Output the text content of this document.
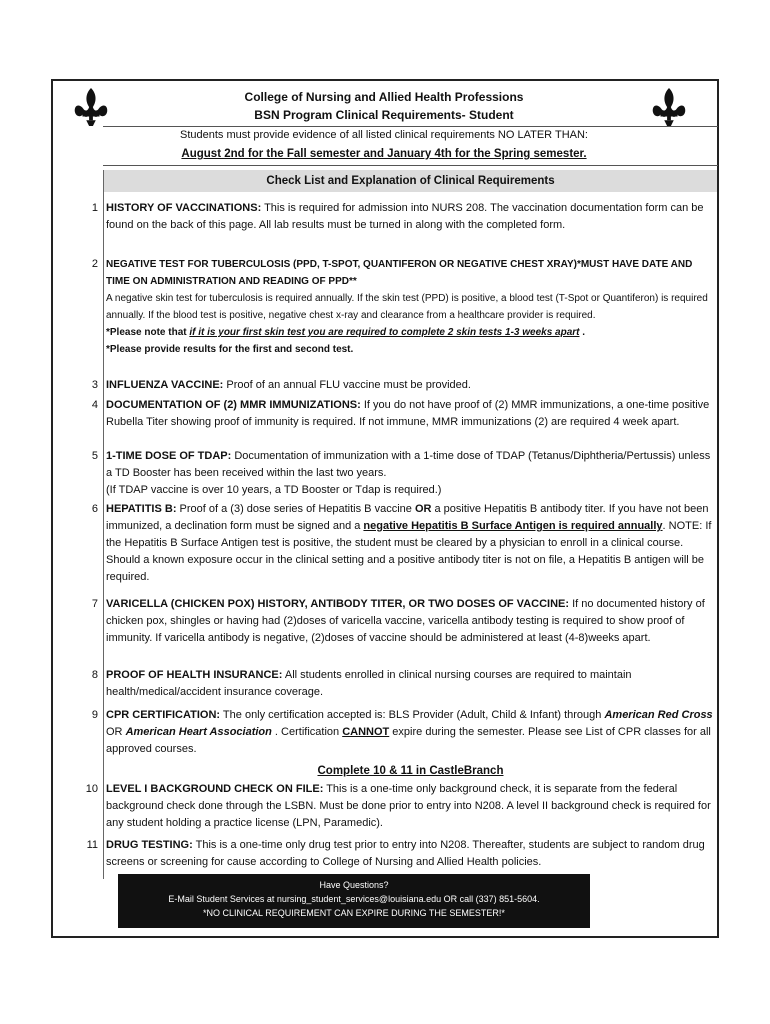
College of Nursing and Allied Health Professions
BSN Program Clinical Requirements- Student
Students must provide evidence of all listed clinical requirements NO LATER THAN:
August 2nd for the Fall semester and January 4th for the Spring semester.
Check List and Explanation of Clinical Requirements
1 HISTORY OF VACCINATIONS: This is required for admission into NURS 208. The vaccination documentation form can be found on the back of this page. All lab results must be turned in along with the completed form.
2 NEGATIVE TEST FOR TUBERCULOSIS (PPD, T-SPOT, QUANTIFERON OR NEGATIVE CHEST XRAY)*MUST HAVE DATE AND TIME ON ADMINISTRATION AND READING OF PPD**

A negative skin test for tuberculosis is required annually. If the skin test (PPD) is positive, a blood test (T-Spot or Quantiferon) is required annually. If the blood test is positive, negative chest x-ray and clearance from a healthcare provider is required.

*Please note that if it is your first skin test you are required to complete 2 skin tests 1-3 weeks apart .

*Please provide results for the first and second test.

3 INFLUENZA VACCINE: Proof of an annual FLU vaccine must be provided.
4 DOCUMENTATION OF (2) MMR IMMUNIZATIONS: If you do not have proof of (2) MMR immunizations, a one-time positive Rubella Titer showing proof of immunity is required. If not immune, MMR immunizations (2) are required 4 week apart.
5 1-TIME DOSE OF TDAP: Documentation of immunization with a 1-time dose of TDAP (Tetanus/Diphtheria/Pertussis) unless a TD Booster has been received within the last two years.

(If TDAP vaccine is over 10 years, a TD Booster or Tdap is required.)

6 HEPATITIS B: Proof of a (3) dose series of Hepatitis B vaccine OR a positive Hepatitis B antibody titer. If you have not been immunized, a declination form must be signed and a negative Hepatitis B Surface Antigen is required annually. NOTE: If the Hepatitis B Surface Antigen test is positive, the student must be cleared by a physician to enroll in a clinical course. Should a known exposure occur in the clinical setting and a positive antibody titer is not on file, a Hepatitis B antigen will be required.
7 VARICELLA (CHICKEN POX) HISTORY, ANTIBODY TITER, OR TWO DOSES OF VACCINE: If no documented history of chicken pox, shingles or having had (2)doses of varicella vaccine, varicella antibody testing is required to show proof of immunity. If varicella antibody is negative, (2)doses of vaccine should be administered at least (4-8)weeks apart.
8 PROOF OF HEALTH INSURANCE: All students enrolled in clinical nursing courses are required to maintain health/medical/accident insurance coverage.
9 CPR CERTIFICATION: The only certification accepted is: BLS Provider (Adult, Child & Infant) through American Red Cross OR American Heart Association . Certification CANNOT expire during the semester. Please see List of CPR classes for all approved courses.
Complete 10 & 11 in CastleBranch
10 LEVEL I BACKGROUND CHECK ON FILE: This is a one-time only background check, it is separate from the federal background check done through the LSBN. Must be done prior to entry into N208. A level II background check is required for any student holding a practice license (LPN, Paramedic).
11 DRUG TESTING: This is a one-time only drug test prior to entry into N208. Thereafter, students are subject to random drug screens or screening for cause according to College of Nursing and Allied Health policies.
Have Questions?
E-Mail Student Services at nursing_student_services@louisiana.edu OR call (337) 851-5604.
*NO CLINICAL REQUIREMENT CAN EXPIRE DURING THE SEMESTER!*
